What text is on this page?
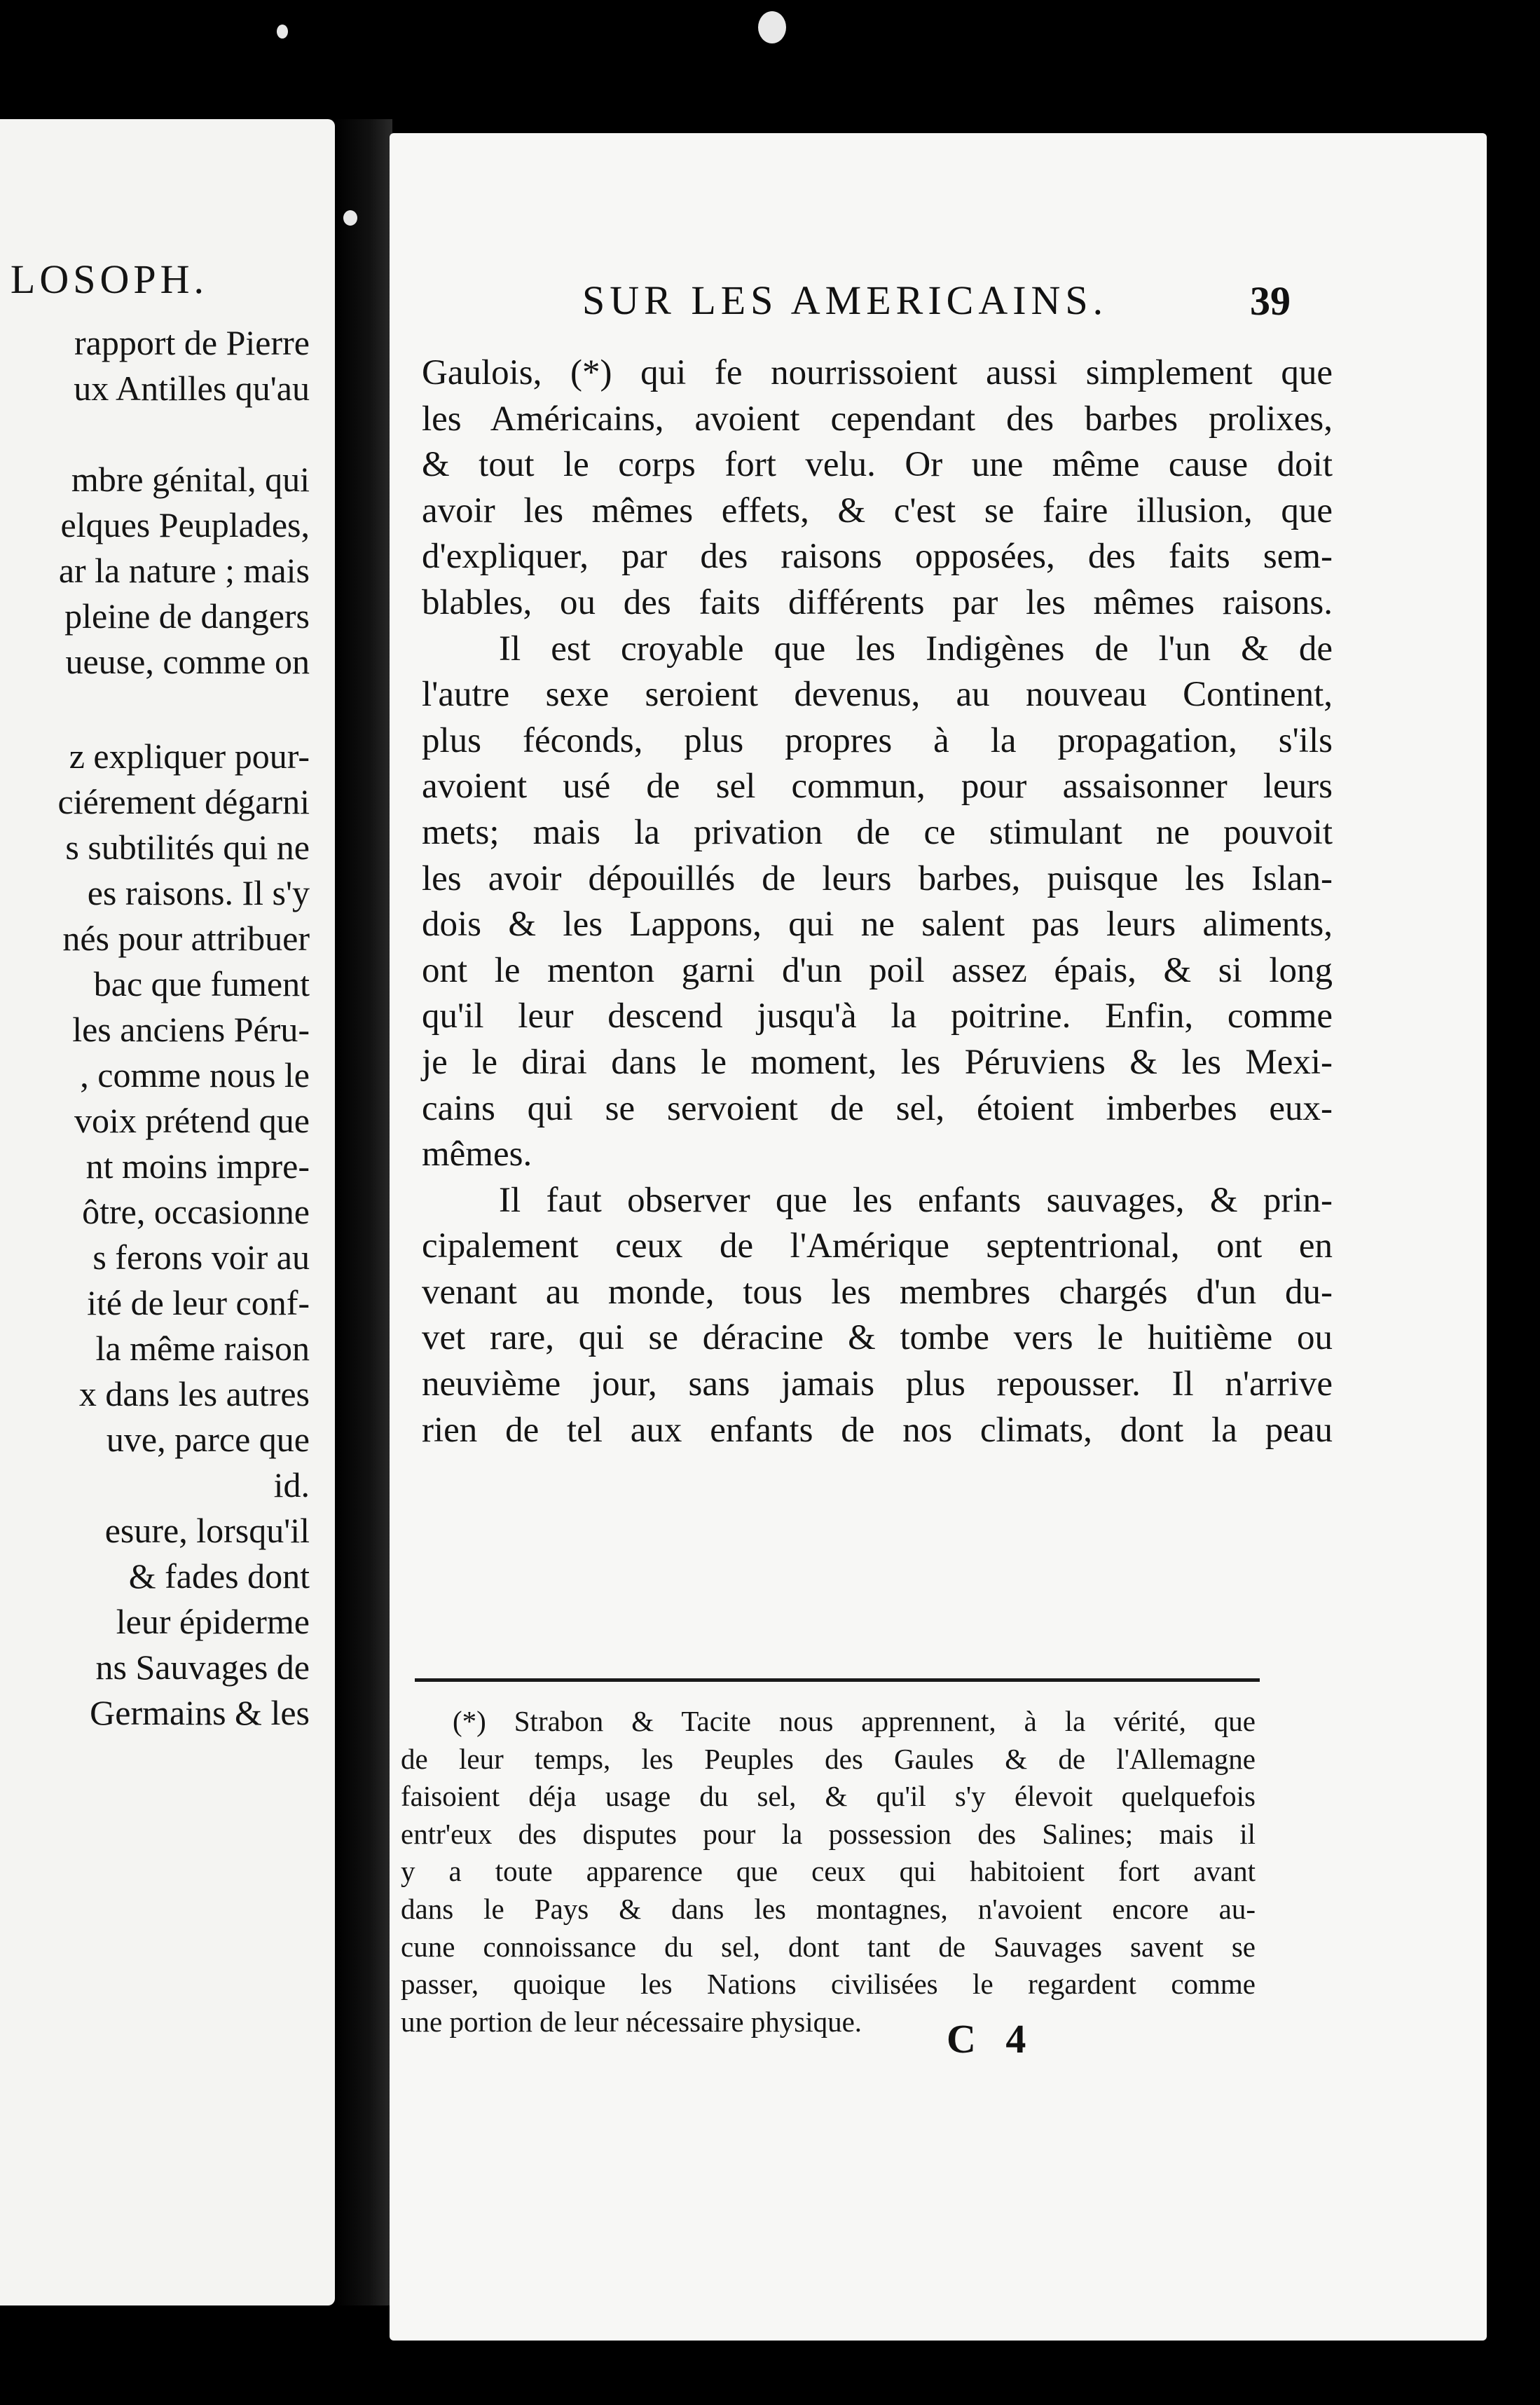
LOSOPH.
rapport de Pierre
ux Antilles qu'au
mbre génital, qui
elques Peuplades,
ar la nature ; mais
pleine de dangers
ueuse, comme on
z expliquer pour-
ciérement dégarni
s subtilités qui ne
es raisons. Il s'y
nés pour attribuer
bac que fument
les anciens Péru-
, comme nous le
voix prétend que
nt moins impre-
ôtre, occasionne
s ferons voir au
ité de leur conf-
la même raison
x dans les autres
uve, parce que
id.
esure, lorsqu'il
& fades dont
leur épiderme
ns Sauvages de
Germains & les
SUR LES AMERICAINS.	39
Gaulois, (*) qui fe nourrissoient aussi simplement que
les Américains, avoient cependant des barbes prolixes,
& tout le corps fort velu. Or une même cause doit
avoir les mêmes effets, & c'est se faire illusion, que
d'expliquer, par des raisons opposées, des faits sem-
blables, ou des faits différents par les mêmes raisons.
Il est croyable que les Indigènes de l'un & de
l'autre sexe seroient devenus, au nouveau Continent,
plus féconds, plus propres à la propagation, s'ils
avoient usé de sel commun, pour assaisonner leurs
mets; mais la privation de ce stimulant ne pouvoit
les avoir dépouillés de leurs barbes, puisque les Islan-
dois & les Lappons, qui ne salent pas leurs aliments,
ont le menton garni d'un poil assez épais, & si long
qu'il leur descend jusqu'à la poitrine. Enfin, comme
je le dirai dans le moment, les Péruviens & les Mexi-
cains qui se servoient de sel, étoient imberbes eux-
mêmes.
Il faut observer que les enfants sauvages, & prin-
cipalement ceux de l'Amérique septentrional, ont en
venant au monde, tous les membres chargés d'un du-
vet rare, qui se déracine & tombe vers le huitième ou
neuvième jour, sans jamais plus repousser. Il n'arrive
rien de tel aux enfants de nos climats, dont la peau
(*) Strabon & Tacite nous apprennent, à la vérité, que
de leur temps, les Peuples des Gaules & de l'Allemagne
faisoient déja usage du sel, & qu'il s'y élevoit quelquefois
entr'eux des disputes pour la possession des Salines; mais il
y a toute apparence que ceux qui habitoient fort avant
dans le Pays & dans les montagnes, n'avoient encore au-
cune connoissance du sel, dont tant de Sauvages savent se
passer, quoique les Nations civilisées le regardent comme
une portion de leur nécessaire physique.	C 4
